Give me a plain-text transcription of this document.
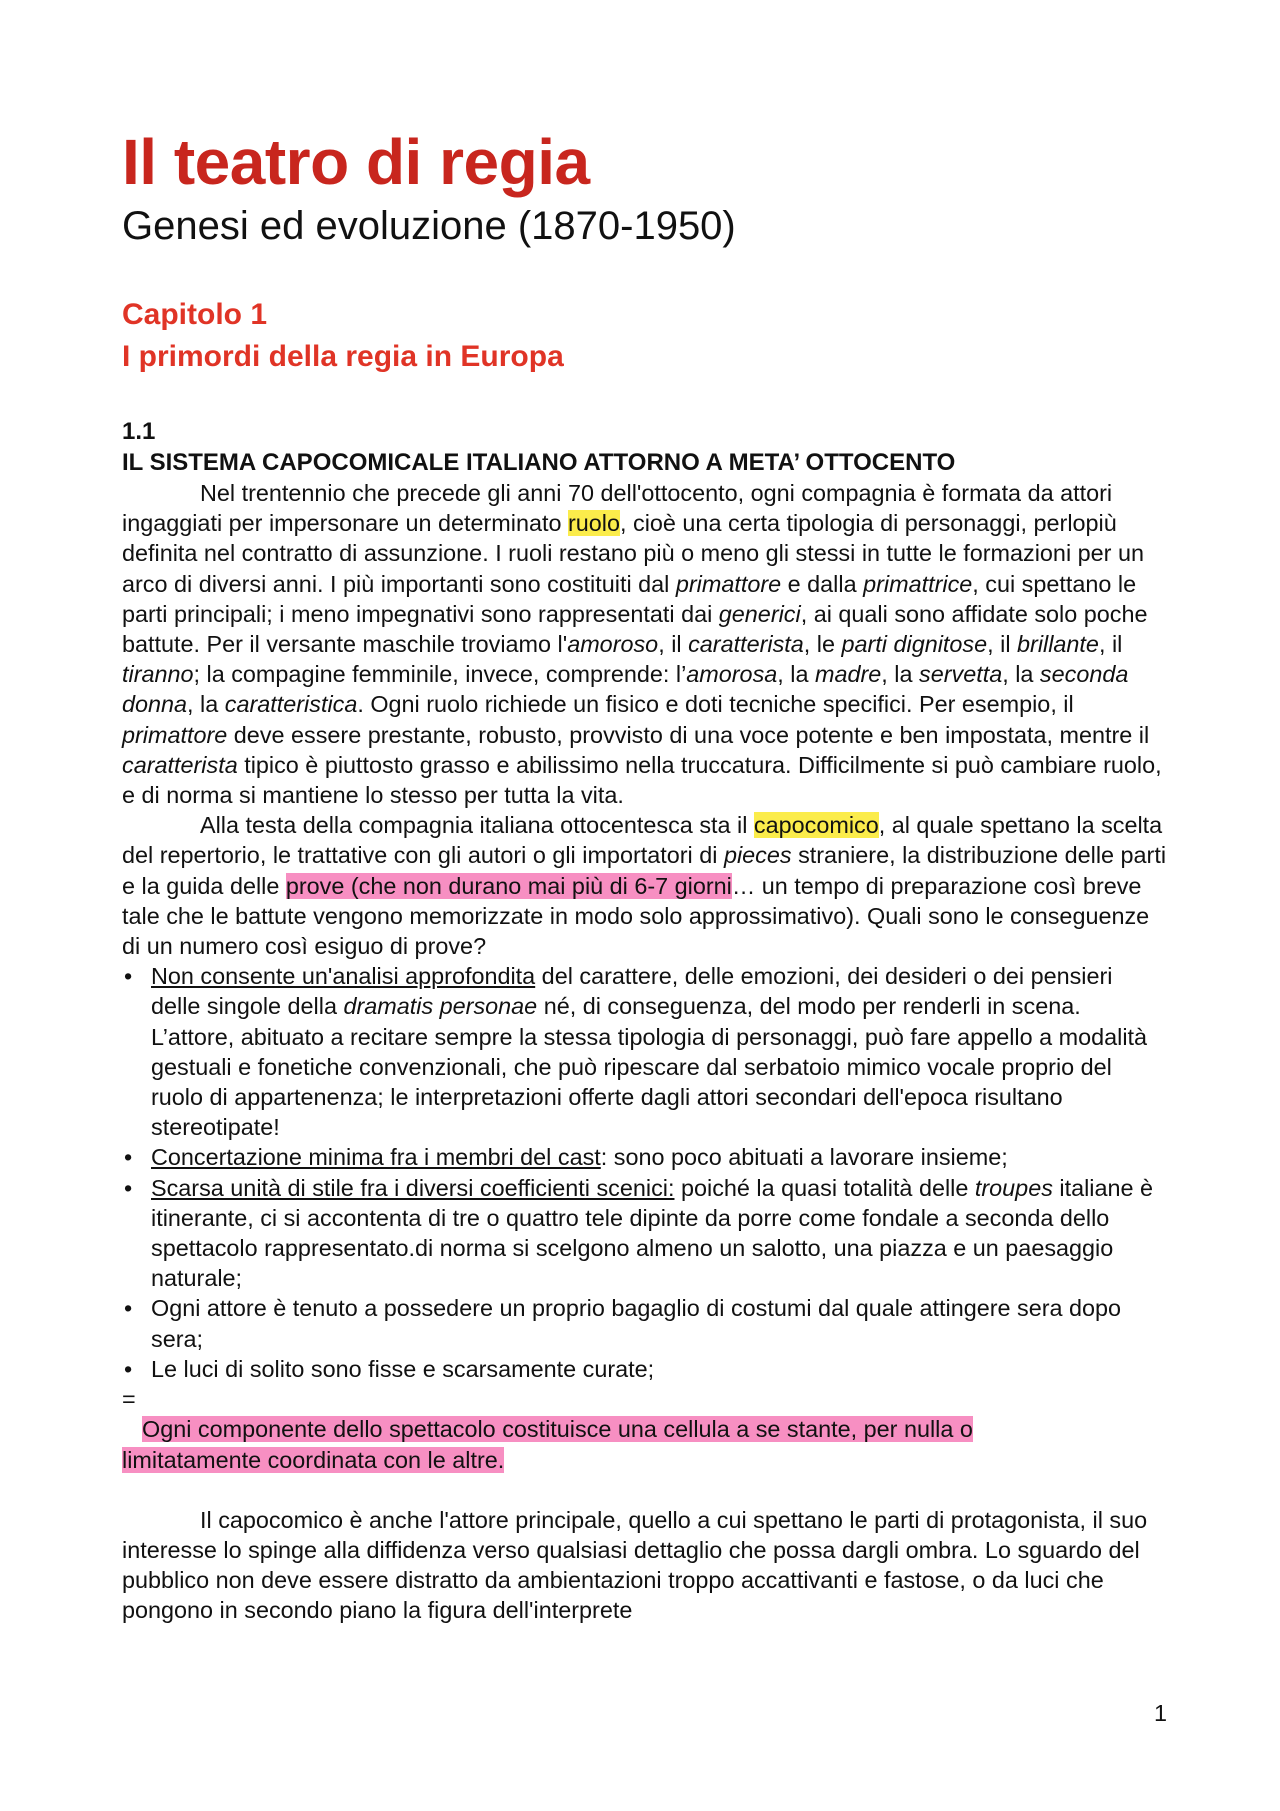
Il teatro di regia
Genesi ed evoluzione (1870-1950)
Capitolo 1
I primordi della regia in Europa
1.1
IL SISTEMA CAPOCOMICALE ITALIANO ATTORNO A META’ OTTOCENTO

Nel trentennio che precede gli anni 70 dell'ottocento, ogni compagnia è formata da attori ingaggiati per impersonare un determinato ruolo, cioè una certa tipologia di personaggi, perlopiù definita nel contratto di assunzione. I ruoli restano più o meno gli stessi in tutte le formazioni per un arco di diversi anni. I più importanti sono costituiti dal primattore e dalla primattrice, cui spettano le parti principali; i meno impegnativi sono rappresentati dai generici, ai quali sono affidate solo poche battute. Per il versante maschile troviamo l'amoroso, il caratterista, le parti dignitose, il brillante, il tiranno; la compagine femminile, invece, comprende: l’amorosa, la madre, la servetta, la seconda donna, la caratteristica. Ogni ruolo richiede un fisico e doti tecniche specifici. Per esempio, il primattore deve essere prestante, robusto, provvisto di una voce potente e ben impostata, mentre il caratterista tipico è piuttosto grasso e abilissimo nella truccatura. Difficilmente si può cambiare ruolo, e di norma si mantiene lo stesso per tutta la vita.

Alla testa della compagnia italiana ottocentesca sta il capocomico, al quale spettano la scelta del repertorio, le trattative con gli autori o gli importatori di pieces straniere, la distribuzione delle parti e la guida delle prove (che non durano mai più di 6-7 giorni… un tempo di preparazione così breve tale che le battute vengono memorizzate in modo solo approssimativo). Quali sono le conseguenze di un numero così esiguo di prove?

• Non consente un'analisi approfondita del carattere, delle emozioni, dei desideri o dei pensieri delle singole della dramatis personae né, di conseguenza, del modo per renderli in scena. L’attore, abituato a recitare sempre la stessa tipologia di personaggi, può fare appello a modalità gestuali e fonetiche convenzionali, che può ripescare dal serbatoio mimico vocale proprio del ruolo di appartenenza; le interpretazioni offerte dagli attori secondari dell'epoca risultano stereotipate!
• Concertazione minima fra i membri del cast: sono poco abituati a lavorare insieme;
• Scarsa unità di stile fra i diversi coefficienti scenici: poiché la quasi totalità delle troupes italiane è itinerante, ci si accontenta di tre o quattro tele dipinte da porre come fondale a seconda dello spettacolo rappresentato.di norma si scelgono almeno un salotto, una piazza e un paesaggio naturale;
• Ogni attore è tenuto a possedere un proprio bagaglio di costumi dal quale attingere sera dopo sera;
• Le luci di solito sono fisse e scarsamente curate;
=
Ogni componente dello spettacolo costituisce una cellula a se stante, per nulla o
limitatamente coordinata con le altre.

Il capocomico è anche l'attore principale, quello a cui spettano le parti di protagonista, il suo interesse lo spinge alla diffidenza verso qualsiasi dettaglio che possa dargli ombra. Lo sguardo del pubblico non deve essere distratto da ambientazioni troppo accattivanti e fastose, o da luci che pongono in secondo piano la figura dell'interprete

1
